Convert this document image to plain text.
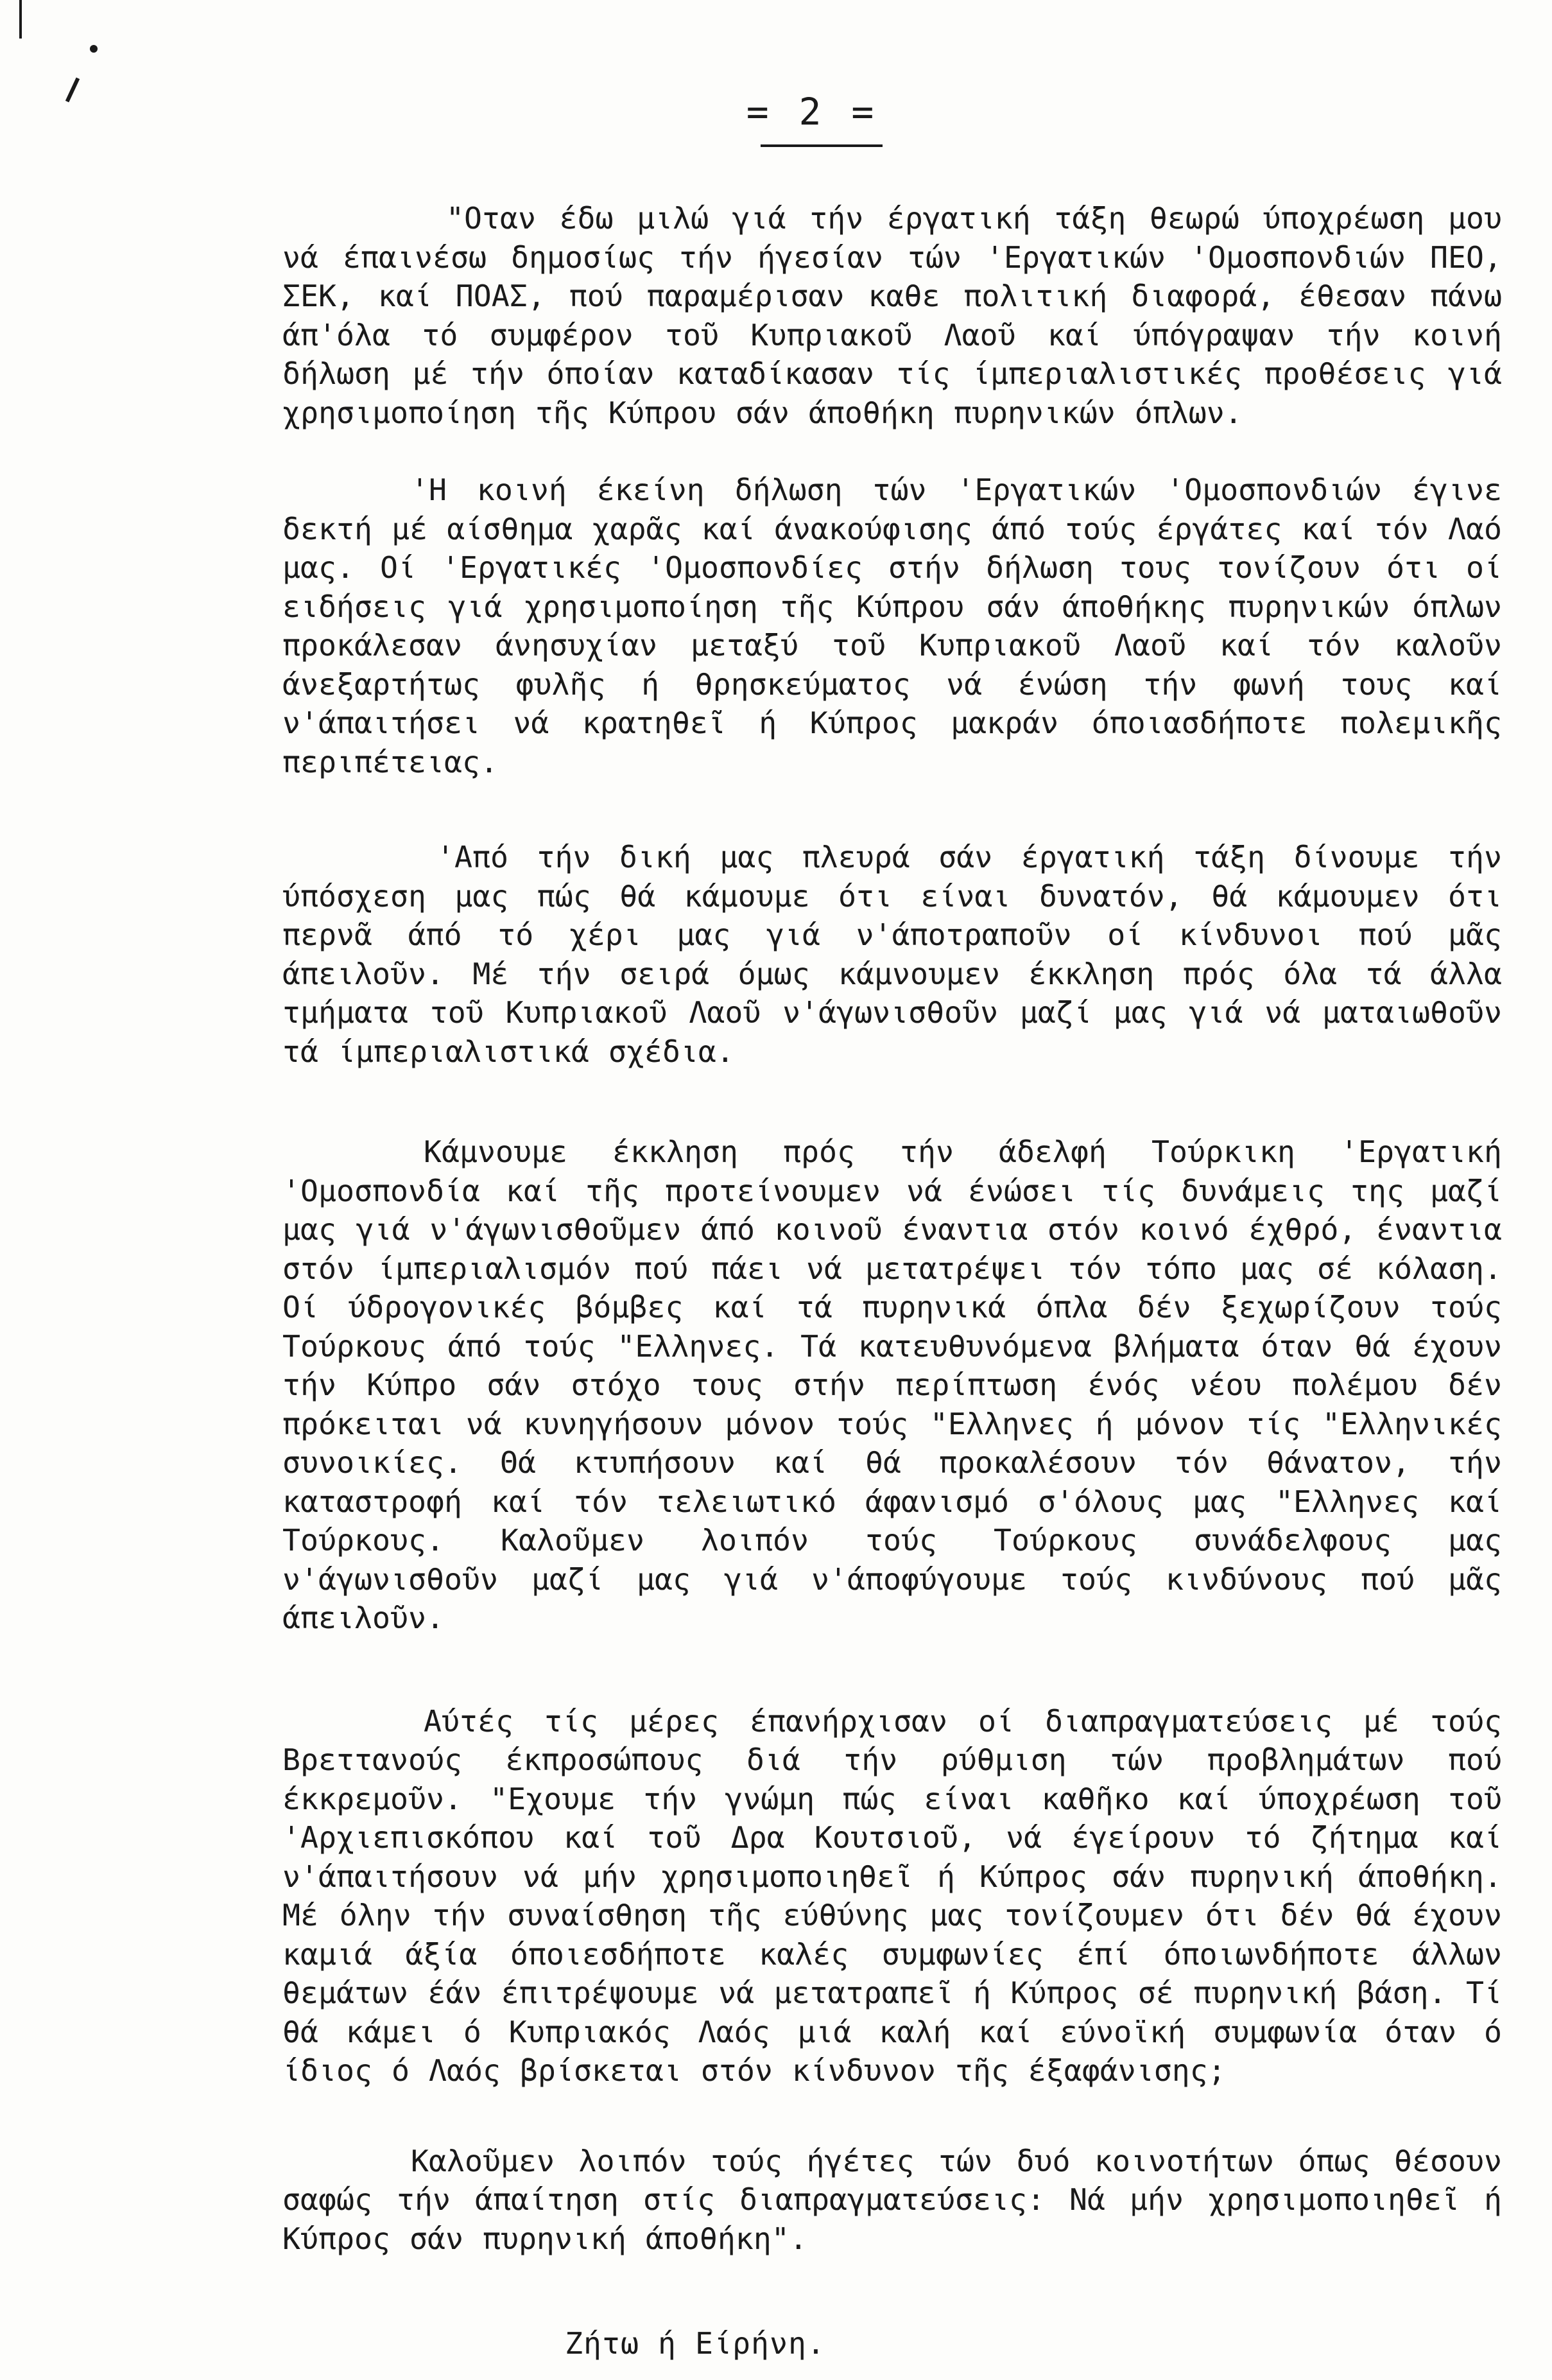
= 2 =

"Οταν έδω μιλώ γιά τήν έργατική τάξη θεωρώ ύποχρέωση μου νά έπαινέσω δημοσίως τήν ήγεσίαν τών 'Εργατικών 'Ομοσπονδιών ΠΕΟ, ΣΕΚ, καί ΠΟΑΣ, πού παραμέρισαν καθε πολιτική διαφορά, έθεσαν πάνω άπ'όλα τό συμφέρον τοῦ Κυπριακοῦ Λαοῦ καί ύπόγραψαν τήν κοινή δήλωση μέ τήν όποίαν καταδίκασαν τίς ίμπεριαλιστικές προθέσεις γιά χρησιμοποίηση τῆς Κύπρου σάν άποθήκη πυρηνικών όπλων.

'Η κοινή έκείνη δήλωση τών 'Εργατικών 'Ομοσπονδιών έγινε δεκτή μέ αίσθημα χαρᾶς καί άνακούφισης άπό τούς έργάτες καί τόν Λαό μας. Οί 'Εργατικές 'Ομοσπονδίες στήν δήλωση τους τονίζουν ότι οί ειδήσεις γιά χρησιμοποίηση τῆς Κύπρου σάν άποθήκης πυρηνικών όπλων προκάλεσαν άνησυχίαν μεταξύ τοῦ Κυπριακοῦ Λαοῦ καί τόν καλοῦν άνεξαρτήτως φυλῆς ή θρησκεύματος νά ένώση τήν φωνή τους καί ν'άπαιτήσει νά κρατηθεῖ ή Κύπρος μακράν όποιασδήποτε πολεμικῆς περιπέτειας.

'Από τήν δική μας πλευρά σάν έργατική τάξη δίνουμε τήν ύπόσχεση μας πώς θά κάμουμε ότι είναι δυνατόν, θά κάμουμεν ότι περνᾶ άπό τό χέρι μας γιά ν'άποτραποῦν οί κίνδυνοι πού μᾶς άπειλοῦν. Μέ τήν σειρά όμως κάμνουμεν έκκληση πρός όλα τά άλλα τμήματα τοῦ Κυπριακοῦ Λαοῦ ν'άγωνισθοῦν μαζί μας γιά νά ματαιωθοῦν τά ίμπεριαλιστικά σχέδια.

Κάμνουμε έκκληση πρός τήν άδελφή Τούρκικη 'Εργατική 'Ομοσπονδία καί τῆς προτείνουμεν νά ένώσει τίς δυνάμεις της μαζί μας γιά ν'άγωνισθοῦμεν άπό κοινοῦ έναντια στόν κοινό έχθρό, έναντια στόν ίμπεριαλισμόν πού πάει νά μετατρέψει τόν τόπο μας σέ κόλαση. Οί ύδρογονικές βόμβες καί τά πυρηνικά όπλα δέν ξεχωρίζουν τούς Τούρκους άπό τούς "Ελληνες. Τά κατευθυνόμενα βλήματα όταν θά έχουν τήν Κύπρο σάν στόχο τους στήν περίπτωση ένός νέου πολέμου δέν πρόκειται νά κυνηγήσουν μόνον τούς "Ελληνες ή μόνον τίς "Ελληνικές συνοικίες. Θά κτυπήσουν καί θά προκαλέσουν τόν θάνατον, τήν καταστροφή καί τόν τελειωτικό άφανισμό σ'όλους μας "Ελληνες καί Τούρκους. Καλοῦμεν λοιπόν τούς Τούρκους συνάδελφους μας ν'άγωνισθοῦν μαζί μας γιά ν'άποφύγουμε τούς κινδύνους πού μᾶς άπειλοῦν.

Αύτές τίς μέρες έπανήρχισαν οί διαπραγματεύσεις μέ τούς Βρεττανούς έκπροσώπους διά τήν ρύθμιση τών προβλημάτων πού έκκρεμοῦν. "Εχουμε τήν γνώμη πώς είναι καθῆκο καί ύποχρέωση τοῦ 'Αρχιεπισκόπου καί τοῦ Δρα Κουτσιοῦ, νά έγείρουν τό ζήτημα καί ν'άπαιτήσουν νά μήν χρησιμοποιηθεῖ ή Κύπρος σάν πυρηνική άποθήκη. Μέ όλην τήν συναίσθηση τῆς εύθύνης μας τονίζουμεν ότι δέν θά έχουν καμιά άξία όποιεσδήποτε καλές συμφωνίες έπί όποιωνδήποτε άλλων θεμάτων έάν έπιτρέψουμε νά μετατραπεῖ ή Κύπρος σέ πυρηνική βάση. Τί θά κάμει ό Κυπριακός Λαός μιά καλή καί εύνοϊκή συμφωνία όταν ό ίδιος ό Λαός βρίσκεται στόν κίνδυνον τῆς έξαφάνισης;

Καλοῦμεν λοιπόν τούς ήγέτες τών δυό κοινοτήτων όπως θέσουν σαφώς τήν άπαίτηση στίς διαπραγματεύσεις: Νά μήν χρησιμοποιηθεῖ ή Κύπρος σάν πυρηνική άποθήκη".

Ζήτω ή Είρήνη.
